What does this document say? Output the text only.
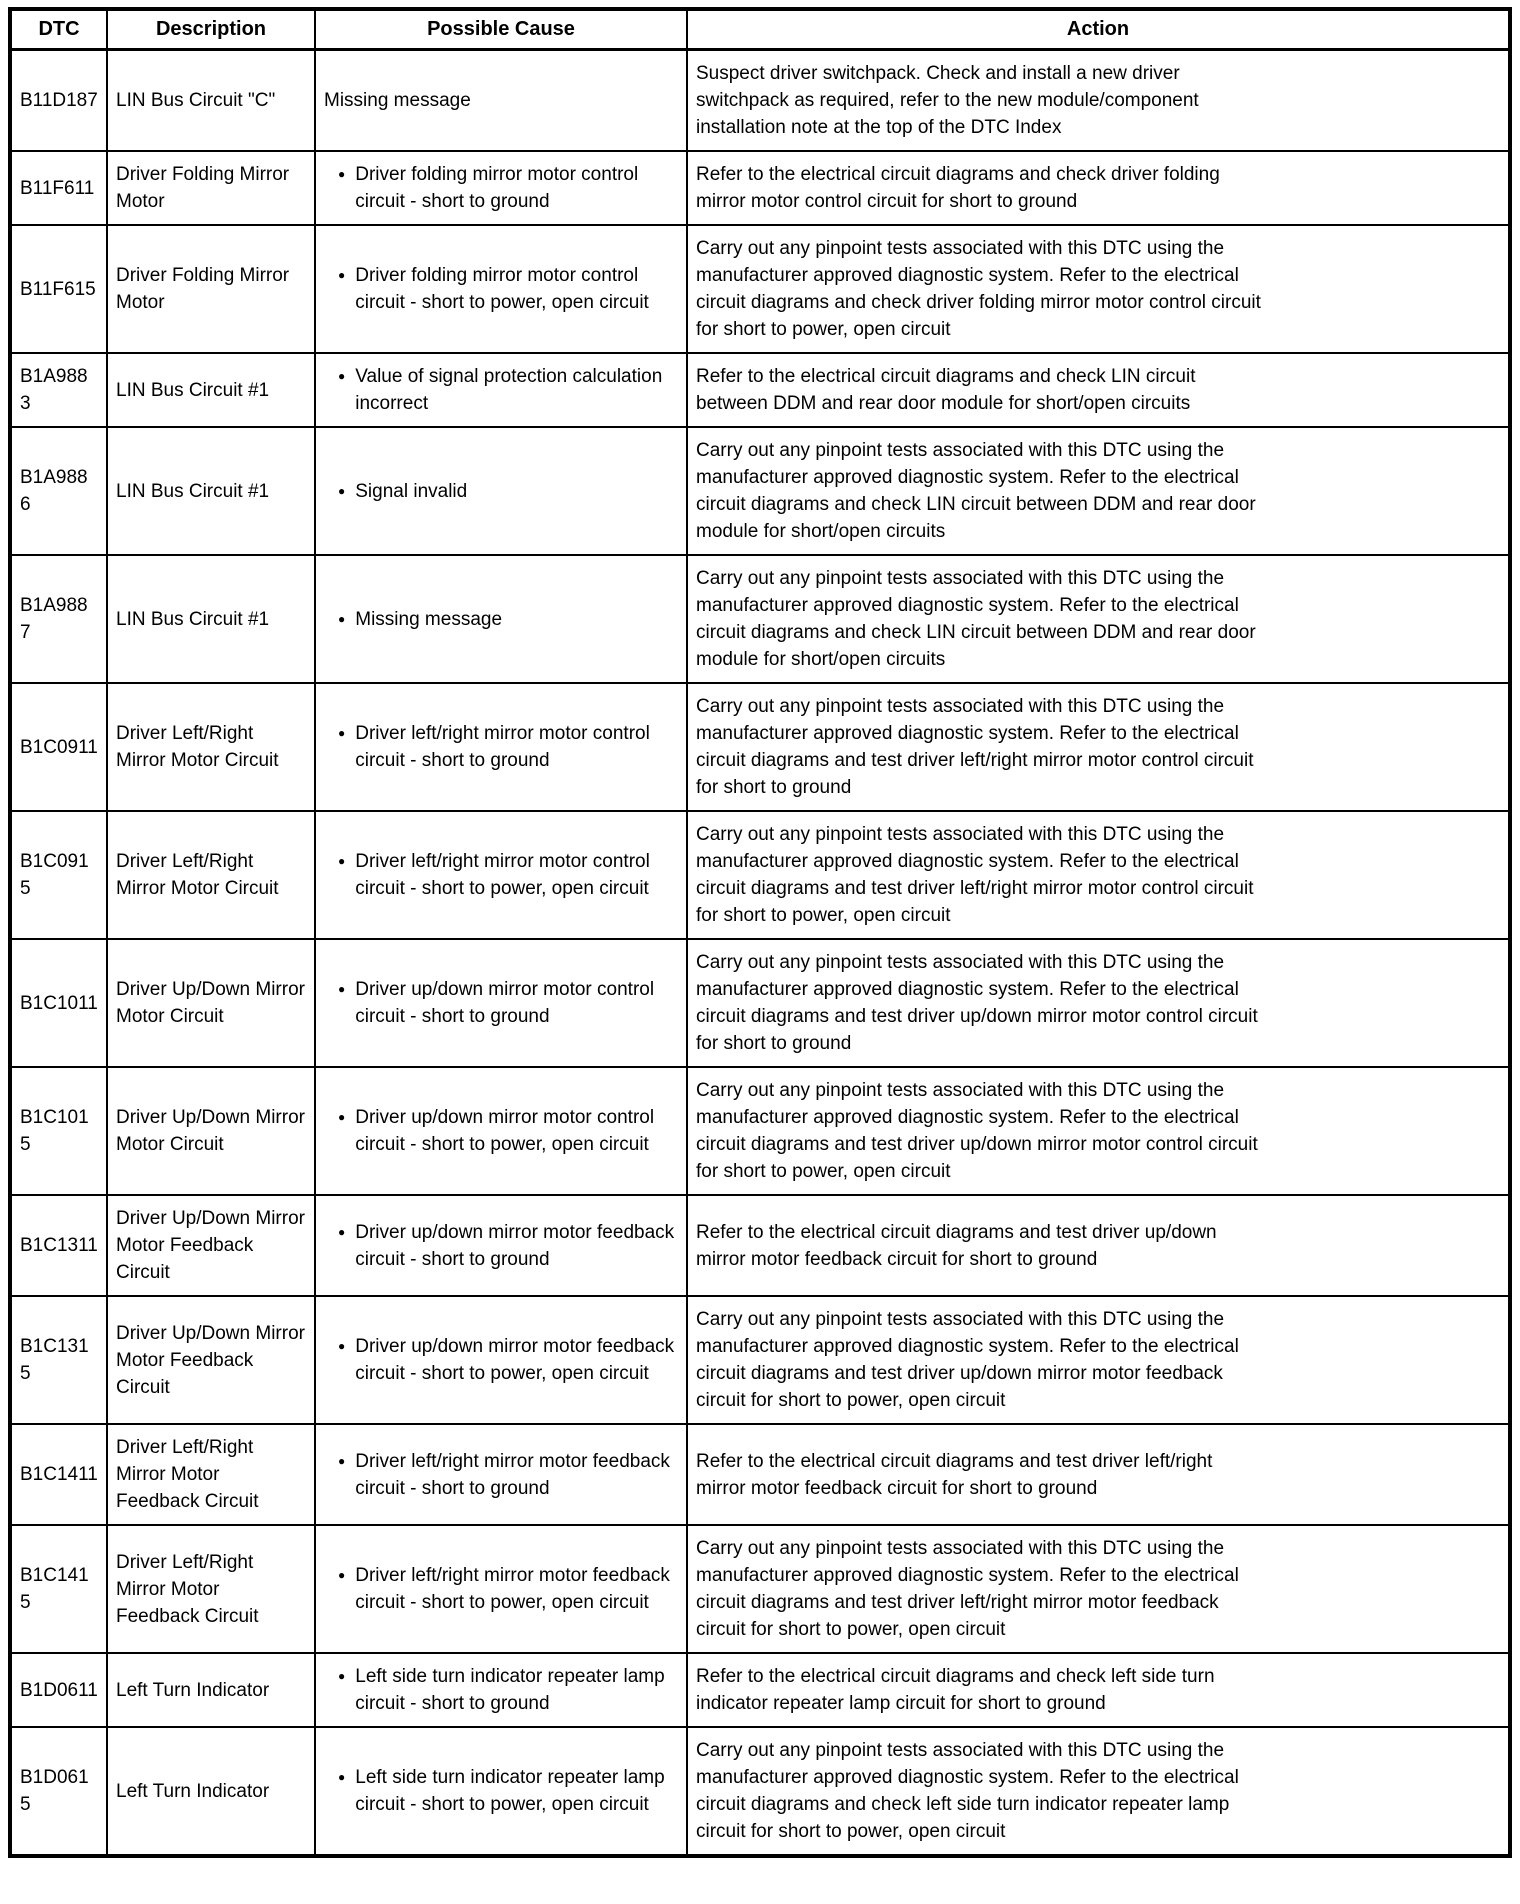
DTC	Description	Possible Cause	Action
B11D187	LIN Bus Circuit "C"	Missing message	Suspect driver switchpack. Check and install a new driver switchpack as required, refer to the new module/component installation note at the top of the DTC Index

B11F611	Driver Folding Mirror Motor	● Driver folding mirror motor control circuit - short to ground	Refer to the electrical circuit diagrams and check driver folding mirror motor control circuit for short to ground

B11F615	Driver Folding Mirror Motor	● Driver folding mirror motor control circuit - short to power, open circuit	Carry out any pinpoint tests associated with this DTC using the manufacturer approved diagnostic system. Refer to the electrical circuit diagrams and check driver folding mirror motor control circuit for short to power, open circuit

B1A9883	LIN Bus Circuit #1	● Value of signal protection calculation incorrect	Refer to the electrical circuit diagrams and check LIN circuit between DDM and rear door module for short/open circuits

B1A9886	LIN Bus Circuit #1	● Signal invalid	Carry out any pinpoint tests associated with this DTC using the manufacturer approved diagnostic system. Refer to the electrical circuit diagrams and check LIN circuit between DDM and rear door module for short/open circuits

B1A9887	LIN Bus Circuit #1	● Missing message	Carry out any pinpoint tests associated with this DTC using the manufacturer approved diagnostic system. Refer to the electrical circuit diagrams and check LIN circuit between DDM and rear door module for short/open circuits

B1C0911	Driver Left/Right Mirror Motor Circuit	● Driver left/right mirror motor control circuit - short to ground	Carry out any pinpoint tests associated with this DTC using the manufacturer approved diagnostic system. Refer to the electrical circuit diagrams and test driver left/right mirror motor control circuit for short to ground

B1C0915	Driver Left/Right Mirror Motor Circuit	● Driver left/right mirror motor control circuit - short to power, open circuit	Carry out any pinpoint tests associated with this DTC using the manufacturer approved diagnostic system. Refer to the electrical circuit diagrams and test driver left/right mirror motor control circuit for short to power, open circuit

B1C1011	Driver Up/Down Mirror Motor Circuit	● Driver up/down mirror motor control circuit - short to ground	Carry out any pinpoint tests associated with this DTC using the manufacturer approved diagnostic system. Refer to the electrical circuit diagrams and test driver up/down mirror motor control circuit for short to ground

B1C1015	Driver Up/Down Mirror Motor Circuit	● Driver up/down mirror motor control circuit - short to power, open circuit	Carry out any pinpoint tests associated with this DTC using the manufacturer approved diagnostic system. Refer to the electrical circuit diagrams and test driver up/down mirror motor control circuit for short to power, open circuit

B1C1311	Driver Up/Down Mirror Motor Feedback Circuit	● Driver up/down mirror motor feedback circuit - short to ground	Refer to the electrical circuit diagrams and test driver up/down mirror motor feedback circuit for short to ground

B1C1315	Driver Up/Down Mirror Motor Feedback Circuit	● Driver up/down mirror motor feedback circuit - short to power, open circuit	Carry out any pinpoint tests associated with this DTC using the manufacturer approved diagnostic system. Refer to the electrical circuit diagrams and test driver up/down mirror motor feedback circuit for short to power, open circuit

B1C1411	Driver Left/Right Mirror Motor Feedback Circuit	● Driver left/right mirror motor feedback circuit - short to ground	Refer to the electrical circuit diagrams and test driver left/right mirror motor feedback circuit for short to ground

B1C1415	Driver Left/Right Mirror Motor Feedback Circuit	● Driver left/right mirror motor feedback circuit - short to power, open circuit	Carry out any pinpoint tests associated with this DTC using the manufacturer approved diagnostic system. Refer to the electrical circuit diagrams and test driver left/right mirror motor feedback circuit for short to power, open circuit

B1D0611	Left Turn Indicator	● Left side turn indicator repeater lamp circuit - short to ground	Refer to the electrical circuit diagrams and check left side turn indicator repeater lamp circuit for short to ground

B1D0615	Left Turn Indicator	● Left side turn indicator repeater lamp circuit - short to power, open circuit	Carry out any pinpoint tests associated with this DTC using the manufacturer approved diagnostic system. Refer to the electrical circuit diagrams and check left side turn indicator repeater lamp circuit for short to power, open circuit
